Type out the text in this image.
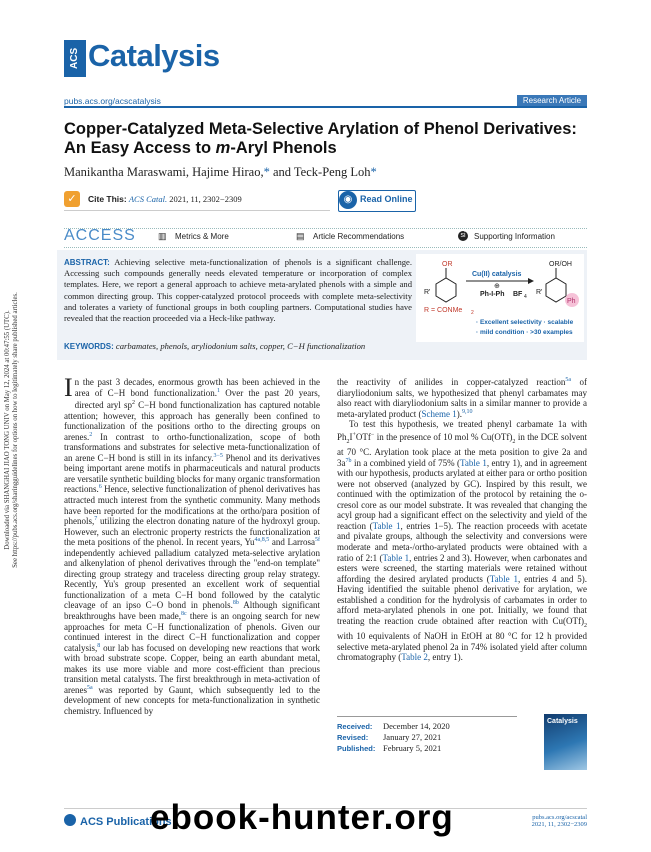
ACS Catalysis
pubs.acs.org/acscatalysis	Research Article
Copper-Catalyzed Meta-Selective Arylation of Phenol Derivatives:
An Easy Access to m-Aryl Phenols
Manikantha Maraswami, Hajime Hirao,* and Teck-Peng Loh*
✓	Cite This: ACS Catal. 2021, 11, 2302−2309	◉ Read Online
ACCESS ▥ Metrics & More	▤ Article Recommendations	si	Supporting Information
ABSTRACT: Achieving selective meta-functionalization of phenols is a significant challenge. Accessing such compounds generally needs elevated temperature or incorporation of complex templates. Here, we report a general approach to achieve meta-arylated phenols with a simple and common directing group. This copper-catalyzed protocol proceeds with complete meta-selectivity and tolerates a variety of functional groups in both coupling partners. Computational studies have revealed that the reaction proceeded via a Heck-like pathway.
OR
R'
Cu(II) catalysis
⊕
Ph-I-Ph BF 4
OR/OH
R'
Ph
R = CONMe 2
· Excellent selectivity · scalable
· mild condition · >30 examples
KEYWORDS: carbamates, phenols, aryliodonium salts, copper, C−H functionalization
In the past 3 decades, enormous growth has been achieved in the area of C−H bond functionalization.$^1$ Over the past 20 years, directed aryl $sp^2$ C−H bond functionalization has captured notable attention; however, this approach has generally been confined to functionalization of the positions ortho to the directing groups on arenes.$^2$ In contrast to ortho-functionalization, scope of both transformations and substrates for selective meta-functionalization of an arene C−H bond is still in its infancy.$^{3-5}$ Phenol and its derivatives being important arene motifs in pharmaceuticals and natural products are versatile synthetic building blocks for many organic transformation reactions.$^6$ Hence, selective functionalization of phenol derivatives has attracted much interest from the synthetic community. Many methods have been reported for the modifications at the ortho/para position of phenols,$^7$ utilizing the electron donating nature of the hydroxyl group. However, such an electronic property restricts the functionalization at the meta positions of the phenol. In recent years, Yu$^{4a,8,5}$ and Larrosa$^{5f}$ independently achieved palladium catalyzed meta-selective arylation and alkenylation of phenol derivatives through the "end-on template" directing group strategy and traceless directing group relay strategy. Recently, Yu's group presented an excellent work of sequential functionalization of a meta C−H bond followed by the catalytic cleavage of an ipso C−O bond in phenols.$^{8b}$ Although significant breakthroughs have been made,$^{8c}$ there is an ongoing search for new approaches for meta C−H functionalization of phenols. Given our continued interest in the direct C−H functionalization and copper catalysis,$^8$ our lab has focused on developing new reactions that work with broad substrate scope. Copper, being an earth abundant metal, makes its use more viable and more cost-efficient than precious transition metal catalysts. The first breakthrough in meta-activation of arenes$^{5a}$ was reported by Gaunt, which subsequently led to the development of new concepts for meta-functionalization in synthetic chemistry. Influenced by
the reactivity of anilides in copper-catalyzed reaction$^{5a}$ of diaryliodonium salts, we hypothesized that phenyl carbamates may also react with diaryliodonium salts in a similar manner to provide a meta-arylated product (Scheme 1).$^{9,10}$
To test this hypothesis, we treated phenyl carbamate 1a with $Ph_2I^+OTf^-$ in the presence of 10 mol % $Cu(OTf)_2$ in the DCE solvent at 70 °C. Arylation took place at the meta position to give 2a and 3a$^{7b}$ in a combined yield of 75% (Table 1, entry 1), and in agreement with our hypothesis, products arylated at either para or ortho position were not observed (analyzed by GC). Inspired by this result, we continued with the optimization of the protocol by retaining the o-cresol core as our model substrate. It was revealed that changing the acyl group had a significant effect on the selectivity and yield of the reaction (Table 1, entries 1−5). The reaction proceeds with acetate and pivalate groups, although the selectivity and conversions were moderate and meta-/ortho-arylated products were obtained with a ratio of 2:1 (Table 1, entries 2 and 3). However, when carbonates and esters were screened, the starting materials were retained without affording the desired arylated products (Table 1, entries 4 and 5). Having identified the suitable phenol derivative for arylation, we established a condition for the hydrolysis of carbamates in order to afford meta-arylated phenols in one pot. Initially, we found that treating the reaction crude obtained after reaction with $Cu(OTf)_2$ with 10 equivalents of NaOH in EtOH at 80 °C for 12 h provided selective meta-arylated phenol 2a in 74% isolated yield after column chromatography (Table 2, entry 1).
Received: December 14, 2020
Revised: January 27, 2021
Published: February 5, 2021
Catalysis
ACS Publications	pubs.acs.org/acscatal
2021, 11, 2302−2309
Downloaded via SHANGHAI JIAO TONG UNIV on May 12, 2024 at 00:47:55 (UTC). See https://pubs.acs.org/sharingguidelines for options on how to legitimately share published articles.
ebook-hunter.org
